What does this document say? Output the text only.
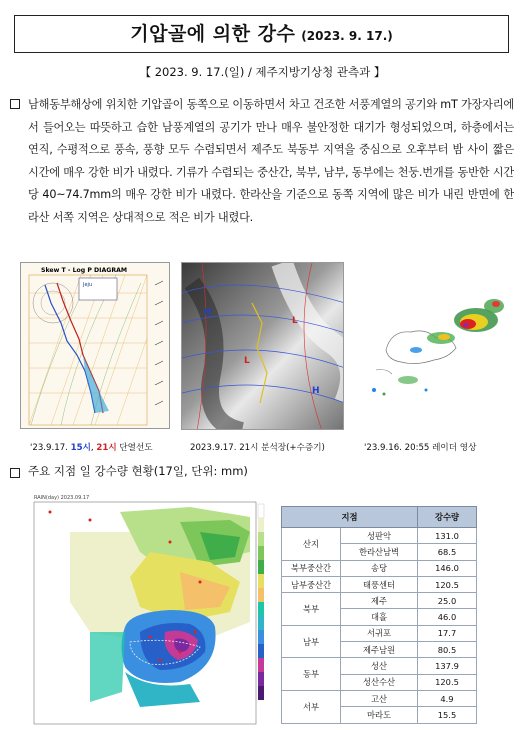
기압골에 의한 강수 (2023. 9. 17.)
【 2023. 9. 17.(일) / 제주지방기상청 관측과 】
남해동부해상에 위치한 기압골이 동쪽으로 이동하면서 차고 건조한 서풍계열의 공기와 mT 가장자리에서 들어오는 따뜻하고 습한 남풍계열의 공기가 만나 매우 불안정한 대기가 형성되었으며, 하층에서는 연직, 수평적으로 풍속, 풍향 모두 수렴되면서 제주도 북동부 지역을 중심으로 오후부터 밤 사이 짧은 시간에 매우 강한 비가 내렸다. 기류가 수렴되는 중산간, 북부, 남부, 동부에는 천둥.번개를 동반한 시간당 40~74.7mm의 매우 강한 비가 내렸다. 한라산을 기준으로 동쪽 지역에 많은 비가 내린 반면에 한라산 서쪽 지역은 상대적으로 적은 비가 내렸다.
Skew T - Log P DIAGRAM
Jeju
'23.9.17. 15시, 21시 단열선도
H
L
H
L
2023.9.17. 21시 분석장(+수증기)	'23.9.16. 20:55 레이더 영상
주요 지점 일 강수량 현황(17일, 단위: mm)
RAIN(day) 2023.09.17
지점		강수량
산지	성판악	131.0
	한라산남벽	68.5
북부중산간	송당	146.0
남부중산간	태풍센터	120.5
북부	제주	25.0
	대흘	46.0
남부	서귀포	17.7
	제주남원	80.5
동부	성산	137.9
	성산수산	120.5
서부	고산	4.9
	마라도	15.5
